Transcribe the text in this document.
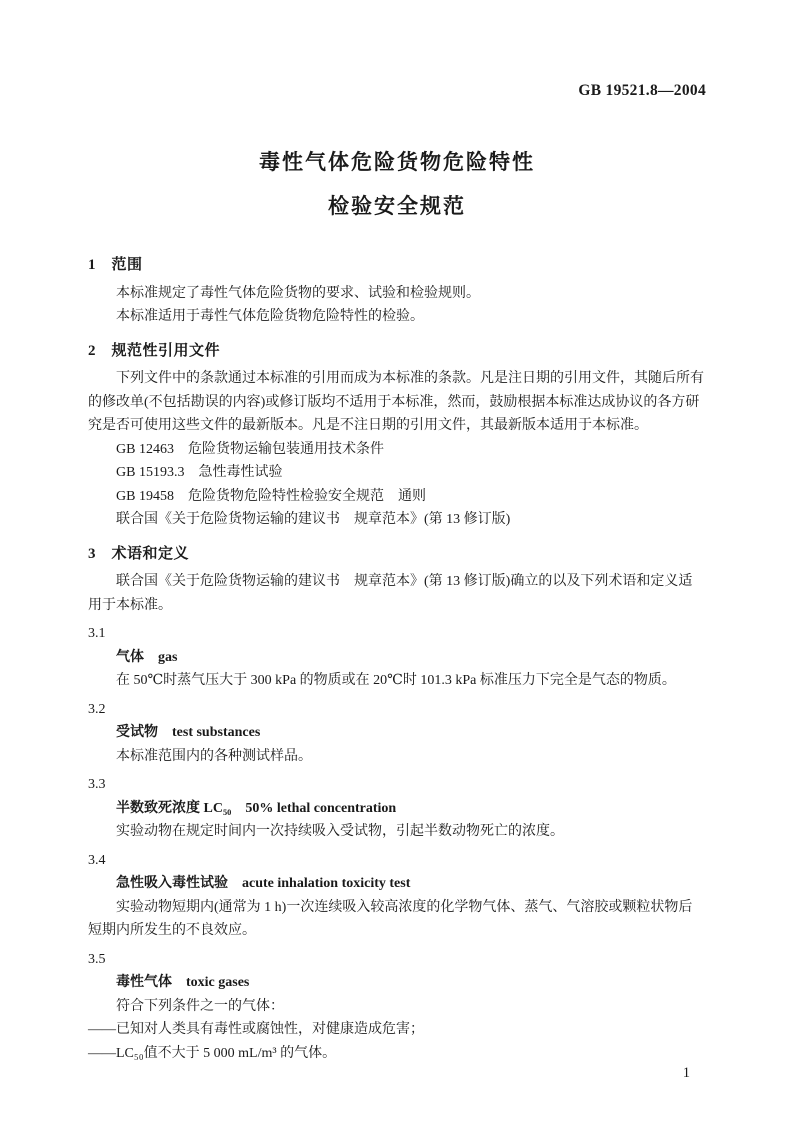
GB 19521.8—2004
毒性气体危险货物危险特性
检验安全规范
1　范围

本标准规定了毒性气体危险货物的要求、试验和检验规则。

本标准适用于毒性气体危险货物危险特性的检验。

2　规范性引用文件

下列文件中的条款通过本标准的引用而成为本标准的条款。凡是注日期的引用文件，其随后所有的修改单(不包括勘误的内容)或修订版均不适用于本标准，然而，鼓励根据本标准达成协议的各方研究是否可使用这些文件的最新版本。凡是不注日期的引用文件，其最新版本适用于本标准。

GB 12463　危险货物运输包装通用技术条件

GB 15193.3　急性毒性试验

GB 19458　危险货物危险特性检验安全规范　通则

联合国《关于危险货物运输的建议书　规章范本》(第 13 修订版)

3　术语和定义

联合国《关于危险货物运输的建议书　规章范本》(第 13 修订版)确立的以及下列术语和定义适用于本标准。

3.1

气体　gas

在 50℃时蒸气压大于 300 kPa 的物质或在 20℃时 101.3 kPa 标准压力下完全是气态的物质。

3.2

受试物　test substances

本标准范围内的各种测试样品。

3.3

半数致死浓度 LC₅₀　50% lethal concentration

实验动物在规定时间内一次持续吸入受试物，引起半数动物死亡的浓度。

3.4

急性吸入毒性试验　acute inhalation toxicity test

实验动物短期内(通常为 1 h)一次连续吸入较高浓度的化学物气体、蒸气、气溶胶或颗粒状物后短期内所发生的不良效应。

3.5

毒性气体　toxic gases

符合下列条件之一的气体：

——已知对人类具有毒性或腐蚀性，对健康造成危害；

——LC₅₀值不大于 5 000 mL/m³ 的气体。

1
